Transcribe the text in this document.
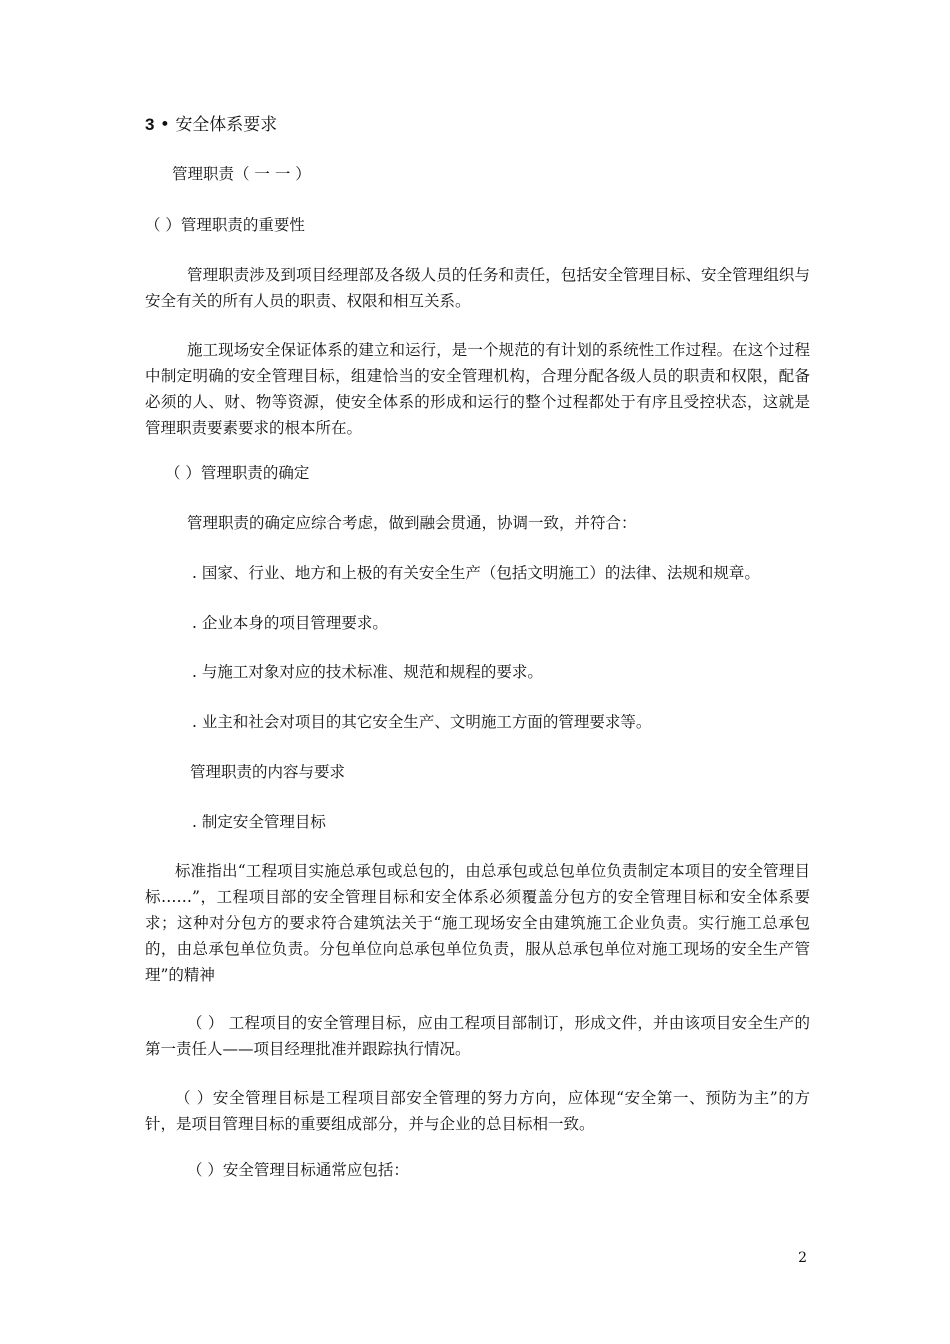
3 • 安全体系要求
管理职责（ 一 一 ）
（ ）管理职责的重要性

管理职责涉及到项目经理部及各级人员的任务和责任，包括安全管理目标、安全管理组织与安全有关的所有人员的职责、权限和相互关系。

施工现场安全保证体系的建立和运行，是一个规范的有计划的系统性工作过程。在这个过程中制定明确的安全管理目标，组建恰当的安全管理机构，合理分配各级人员的职责和权限，配备必须的人、财、物等资源，使安全体系的形成和运行的整个过程都处于有序且受控状态，这就是管理职责要素要求的根本所在。

（ ）管理职责的确定
管理职责的确定应综合考虑，做到融会贯通，协调一致，并符合：
. 国家、行业、地方和上极的有关安全生产（包括文明施工）的法律、法规和规章。
. 企业本身的项目管理要求。
. 与施工对象对应的技术标准、规范和规程的要求。
. 业主和社会对项目的其它安全生产、文明施工方面的管理要求等。
管理职责的内容与要求
. 制定安全管理目标

标准指出“工程项目实施总承包或总包的，由总承包或总包单位负责制定本项目的安全管理目标……”，工程项目部的安全管理目标和安全体系必须覆盖分包方的安全管理目标和安全体系要求；这种对分包方的要求符合建筑法关于“施工现场安全由建筑施工企业负责。实行施工总承包的，由总承包单位负责。分包单位向总承包单位负责，服从总承包单位对施工现场的安全生产管理”的精神

（ ） 工程项目的安全管理目标，应由工程项目部制订，形成文件，并由该项目安全生产的第一责任人——项目经理批准并跟踪执行情况。

（ ）安全管理目标是工程项目部安全管理的努力方向，应体现“安全第一、预防为主”的方针，是项目管理目标的重要组成部分，并与企业的总目标相一致。

（ ）安全管理目标通常应包括：
2
